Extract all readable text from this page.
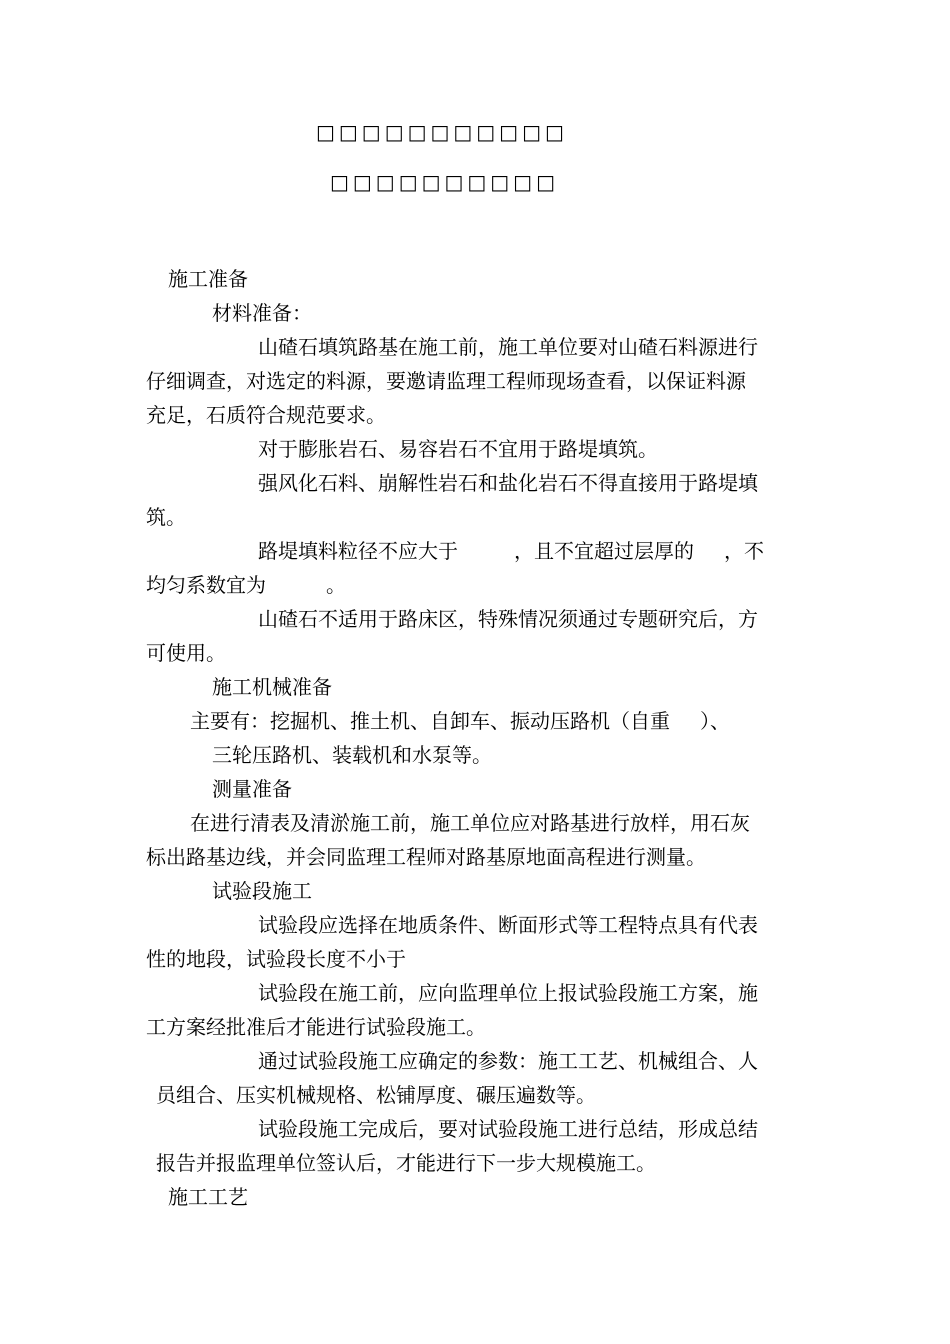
□□□□□□□□□□□
□□□□□□□□□□
施工准备
材料准备：
山碴石填筑路基在施工前，施工单位要对山碴石料源进行
仔细调查，对选定的料源，要邀请监理工程师现场查看，以保证料源
充足，石质符合规范要求。
对于膨胀岩石、易容岩石不宜用于路堤填筑。
强风化石料、崩解性岩石和盐化岩石不得直接用于路堤填
筑。
路堤填料粒径不应大于	，且不宜超过层厚的 ，不
均匀系数宜为	。
山碴石不适用于路床区，特殊情况须通过专题研究后，方
可使用。
施工机械准备
主要有：挖掘机、推土机、自卸车、振动压路机（自重 ）、
三轮压路机、装载机和水泵等。
测量准备
在进行清表及清淤施工前，施工单位应对路基进行放样，用石灰
标出路基边线，并会同监理工程师对路基原地面高程进行测量。
试验段施工
试验段应选择在地质条件、断面形式等工程特点具有代表
性的地段，试验段长度不小于
试验段在施工前，应向监理单位上报试验段施工方案，施
工方案经批准后才能进行试验段施工。
通过试验段施工应确定的参数：施工工艺、机械组合、人
员组合、压实机械规格、松铺厚度、碾压遍数等。
试验段施工完成后，要对试验段施工进行总结，形成总结
报告并报监理单位签认后，才能进行下一步大规模施工。
施工工艺
